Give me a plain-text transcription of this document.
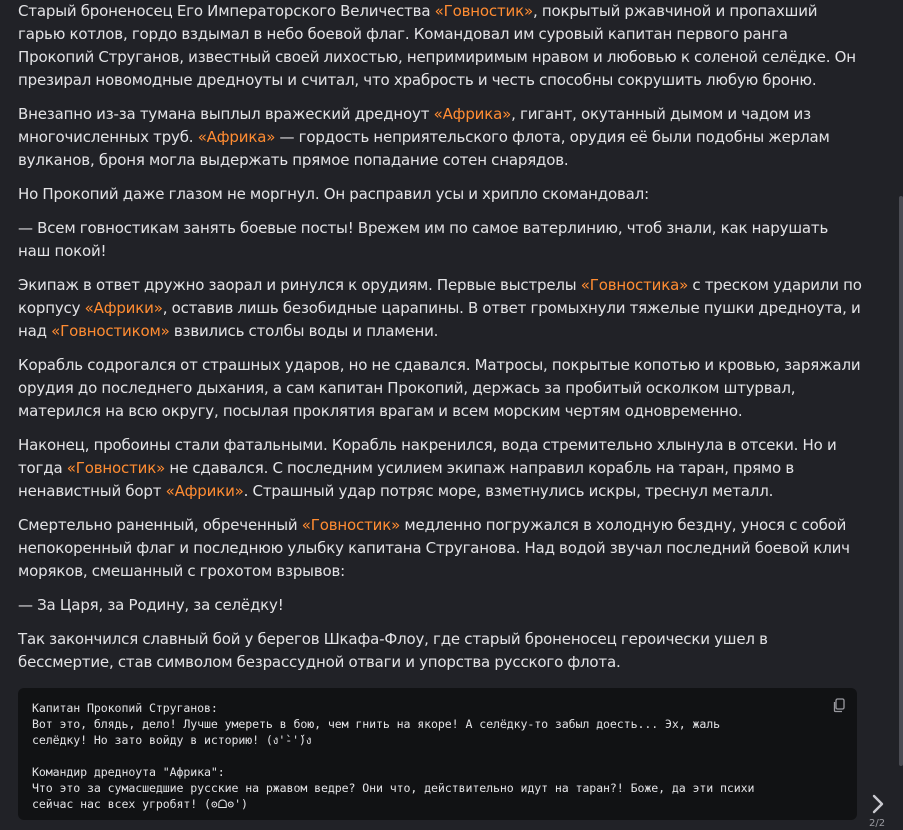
Старый броненосец Его Императорского Величества «Говностик», покрытый ржавчиной и пропахший гарью котлов, гордо вздымал в небо боевой флаг. Командовал им суровый капитан первого ранга Прокопий Струганов, известный своей лихостью, непримиримым нравом и любовью к соленой селёдке. Он презирал новомодные дредноуты и считал, что храбрость и честь способны сокрушить любую броню.

Внезапно из-за тумана выплыл вражеский дредноут «Африка», гигант, окутанный дымом и чадом из многочисленных труб. «Африка» — гордость неприятельского флота, орудия её были подобны жерлам вулканов, броня могла выдержать прямое попадание сотен снарядов.

Но Прокопий даже глазом не моргнул. Он расправил усы и хрипло скомандовал:

— Всем говностикам занять боевые посты! Врежем им по самое ватерлинию, чтоб знали, как нарушать наш покой!

Экипаж в ответ дружно заорал и ринулся к орудиям. Первые выстрелы «Говностика» с треском ударили по корпусу «Африки», оставив лишь безобидные царапины. В ответ громыхнули тяжелые пушки дредноута, и над «Говностиком» взвились столбы воды и пламени.

Корабль содрогался от страшных ударов, но не сдавался. Матросы, покрытые копотью и кровью, заряжали орудия до последнего дыхания, а сам капитан Прокопий, держась за пробитый осколком штурвал, матерился на всю округу, посылая проклятия врагам и всем морским чертям одновременно.

Наконец, пробоины стали фатальными. Корабль накренился, вода стремительно хлынула в отсеки. Но и тогда «Говностик» не сдавался. С последним усилием экипаж направил корабль на таран, прямо в ненавистный борт «Африки». Страшный удар потряс море, взметнулись искры, треснул металл.

Смертельно раненный, обреченный «Говностик» медленно погружался в холодную бездну, унося с собой непокоренный флаг и последнюю улыбку капитана Струганова. Над водой звучал последний боевой клич моряков, смешанный с грохотом взрывов:

— За Царя, за Родину, за селёдку!

Так закончился славный бой у берегов Шкафа-Флоу, где старый броненосец героически ушел в бессмертие, став символом безрассудной отваги и упорства русского флота.

Капитан Прокопий Струганов:
Вот это, блядь, дело! Лучше умереть в бою, чем гнить на якоре! А селёдку-то забыл доесть... Эх, жаль
селёдку! Но зато войду в историю! (ง'̀-'́)ง
Командир дредноута "Африка":
Что это за сумасшедшие русские на ржавом ведре? Они что, действительно идут на таран?! Боже, да эти психи
сейчас нас всех угробят! (ʘᗝʘ')
2/2
